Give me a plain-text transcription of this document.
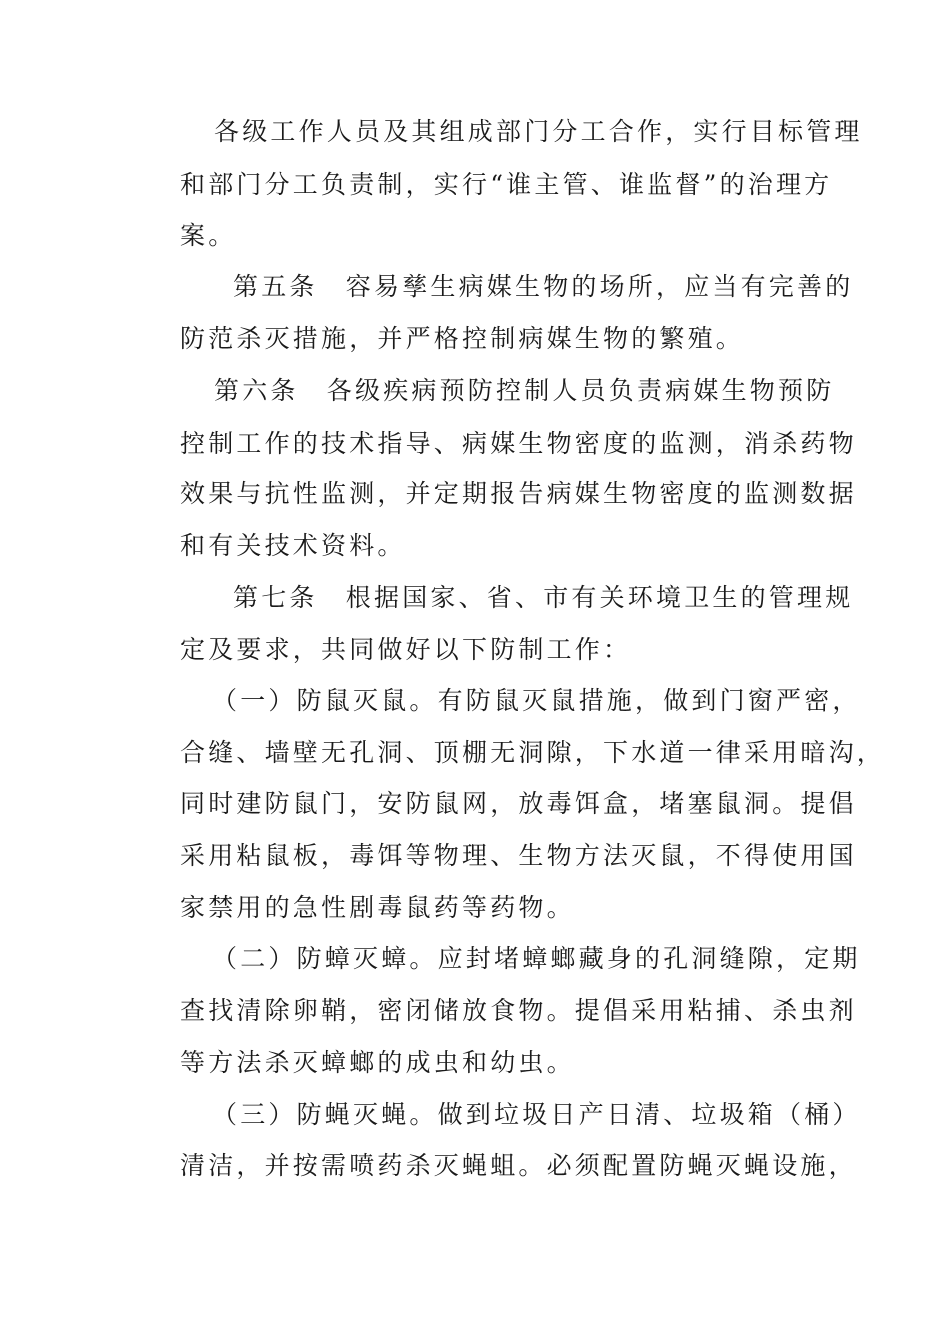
各级工作人员及其组成部门分工合作，实行目标管理
和部门分工负责制，实行“谁主管、谁监督”的治理方
案。
第五条　容易孳生病媒生物的场所，应当有完善的
防范杀灭措施，并严格控制病媒生物的繁殖。
第六条　各级疾病预防控制人员负责病媒生物预防
控制工作的技术指导、病媒生物密度的监测，消杀药物
效果与抗性监测，并定期报告病媒生物密度的监测数据
和有关技术资料。
第七条　根据国家、省、市有关环境卫生的管理规
定及要求，共同做好以下防制工作：
（一）防鼠灭鼠。有防鼠灭鼠措施，做到门窗严密，
合缝、墙壁无孔洞、顶棚无洞隙，下水道一律采用暗沟，
同时建防鼠门，安防鼠网，放毒饵盒，堵塞鼠洞。提倡
采用粘鼠板，毒饵等物理、生物方法灭鼠，不得使用国
家禁用的急性剧毒鼠药等药物。
（二）防蟑灭蟑。应封堵蟑螂藏身的孔洞缝隙，定期
查找清除卵鞘，密闭储放食物。提倡采用粘捕、杀虫剂
等方法杀灭蟑螂的成虫和幼虫。
（三）防蝇灭蝇。做到垃圾日产日清、垃圾箱（桶）
清洁，并按需喷药杀灭蝇蛆。必须配置防蝇灭蝇设施，
